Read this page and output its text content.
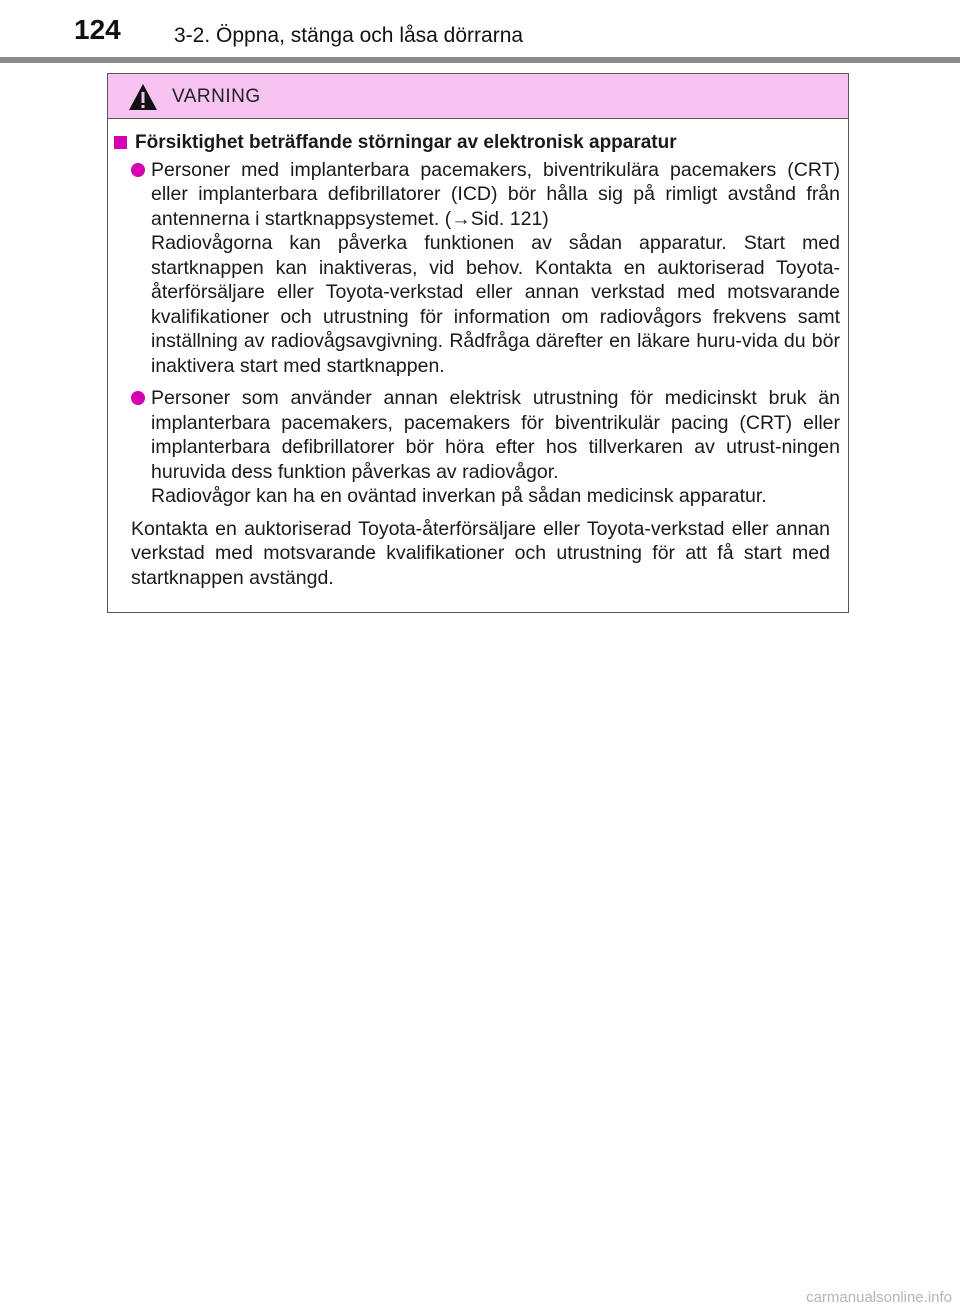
124	3-2. Öppna, stänga och låsa dörrarna
VARNING
Försiktighet beträffande störningar av elektronisk apparatur

Personer med implanterbara pacemakers, biventrikulära pacemakers (CRT) eller implanterbara defibrillatorer (ICD) bör hålla sig på rimligt avstånd från antennerna i startknappsystemet. (→Sid. 121)

Radiovågorna kan påverka funktionen av sådan apparatur. Start med startknappen kan inaktiveras, vid behov. Kontakta en auktoriserad Toyota-återförsäljare eller Toyota-verkstad eller annan verkstad med motsvarande kvalifikationer och utrustning för information om radiovågors frekvens samt inställning av radiovågsavgivning. Rådfråga därefter en läkare huru-vida du bör inaktivera start med startknappen.

Personer som använder annan elektrisk utrustning för medicinskt bruk än implanterbara pacemakers, pacemakers för biventrikulär pacing (CRT) eller implanterbara defibrillatorer bör höra efter hos tillverkaren av utrust-ningen huruvida dess funktion påverkas av radiovågor.

Radiovågor kan ha en oväntad inverkan på sådan medicinsk apparatur.

Kontakta en auktoriserad Toyota-återförsäljare eller Toyota-verkstad eller annan verkstad med motsvarande kvalifikationer och utrustning för att få start med startknappen avstängd.

carmanualsonline.info
